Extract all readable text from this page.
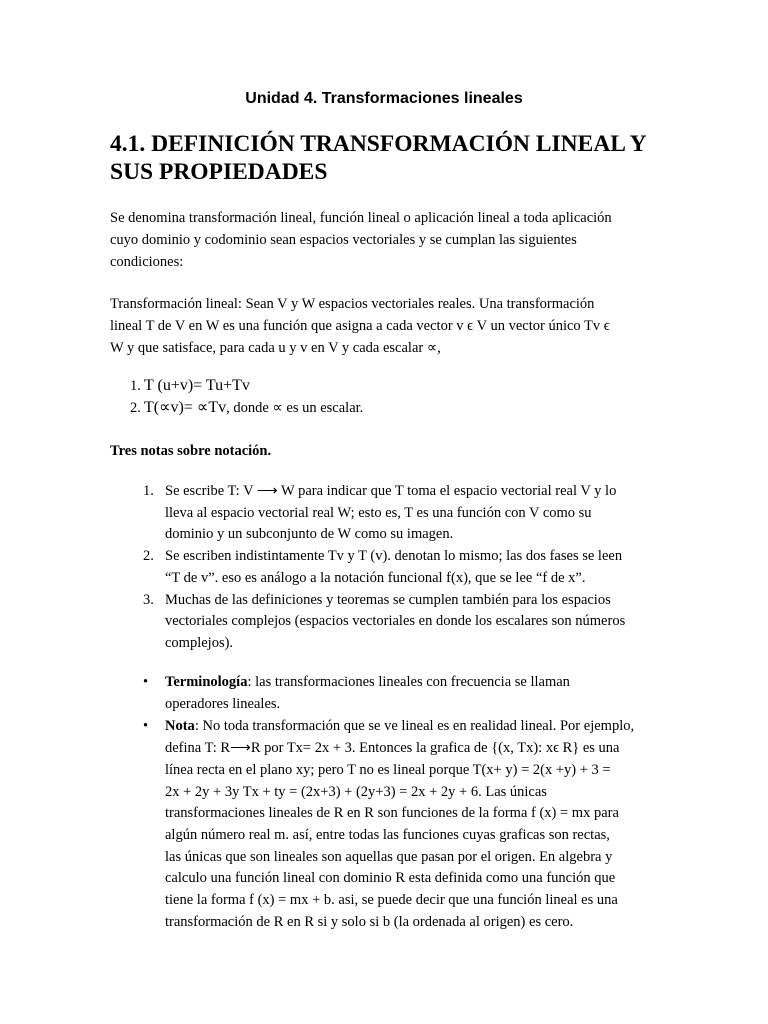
Unidad 4. Transformaciones lineales
4.1. DEFINICIÓN TRANSFORMACIÓN LINEAL Y
SUS PROPIEDADES
Se denomina transformación lineal, función lineal o aplicación lineal a toda aplicación
cuyo dominio y codominio sean espacios vectoriales y se cumplan las siguientes
condiciones:
Transformación lineal: Sean V y W espacios vectoriales reales. Una transformación
lineal T de V en W es una función que asigna a cada vector v ϵ V un vector único Tv ϵ
W y que satisface, para cada u y v en V y cada escalar ∝,
1. T (u+v)= Tu+Tv
2. T(∝v)= ∝Tv, donde ∝ es un escalar.
Tres notas sobre notación.
1. Se escribe T: V ⟶ W para indicar que T toma el espacio vectorial real V y lo
lleva al espacio vectorial real W; esto es, T es una función con V como su
dominio y un subconjunto de W como su imagen.
2. Se escriben indistintamente Tv y T (v). denotan lo mismo; las dos fases se leen
“T de v”. eso es análogo a la notación funcional f(x), que se lee “f de x”.
3. Muchas de las definiciones y teoremas se cumplen también para los espacios
vectoriales complejos (espacios vectoriales en donde los escalares son números
complejos).
• Terminología: las transformaciones lineales con frecuencia se llaman
operadores lineales.
• Nota: No toda transformación que se ve lineal es en realidad lineal. Por ejemplo,
defina T: R⟶R por Tx= 2x + 3. Entonces la grafica de {(x, Tx): xϵ R} es una
línea recta en el plano xy; pero T no es lineal porque T(x+ y) = 2(x +y) + 3 =
2x + 2y + 3y Tx + ty = (2x+3) + (2y+3) = 2x + 2y + 6. Las únicas
transformaciones lineales de R en R son funciones de la forma f (x) = mx para
algún número real m. así, entre todas las funciones cuyas graficas son rectas,
las únicas que son lineales son aquellas que pasan por el origen. En algebra y
calculo una función lineal con dominio R esta definida como una función que
tiene la forma f (x) = mx + b. asi, se puede decir que una función lineal es una
transformación de R en R si y solo si b (la ordenada al origen) es cero.
